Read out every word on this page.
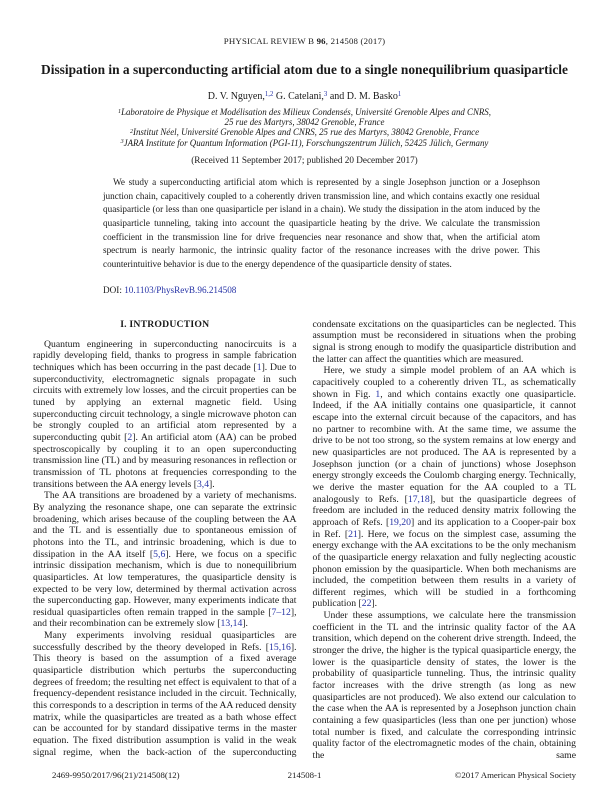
PHYSICAL REVIEW B 96, 214508 (2017)
Dissipation in a superconducting artificial atom due to a single nonequilibrium quasiparticle
D. V. Nguyen,$^{1,2}$ G. Catelani,$^3$ and D. M. Basko$^1$
$^1$Laboratoire de Physique et Modélisation des Milieux Condensés, Université Grenoble Alpes and CNRS,
25 rue des Martyrs, 38042 Grenoble, France
$^2$Institut Néel, Université Grenoble Alpes and CNRS, 25 rue des Martyrs, 38042 Grenoble, France
$^3$JARA Institute for Quantum Information (PGI-11), Forschungszentrum Jülich, 52425 Jülich, Germany
(Received 11 September 2017; published 20 December 2017)
We study a superconducting artificial atom which is represented by a single Josephson junction or a Josephson junction chain, capacitively coupled to a coherently driven transmission line, and which contains exactly one residual quasiparticle (or less than one quasiparticle per island in a chain). We study the dissipation in the atom induced by the quasiparticle tunneling, taking into account the quasiparticle heating by the drive. We calculate the transmission coefficient in the transmission line for drive frequencies near resonance and show that, when the artificial atom spectrum is nearly harmonic, the intrinsic quality factor of the resonance increases with the drive power. This counterintuitive behavior is due to the energy dependence of the quasiparticle density of states.
DOI: 10.1103/PhysRevB.96.214508
I. INTRODUCTION

Quantum engineering in superconducting nanocircuits is a rapidly developing field, thanks to progress in sample fabrication techniques which has been occurring in the past decade [1]. Due to superconductivity, electromagnetic signals propagate in such circuits with extremely low losses, and the circuit properties can be tuned by applying an external magnetic field. Using superconducting circuit technology, a single microwave photon can be strongly coupled to an artificial atom represented by a superconducting qubit [2]. An artificial atom (AA) can be probed spectroscopically by coupling it to an open superconducting transmission line (TL) and by measuring resonances in reflection or transmission of TL photons at frequencies corresponding to the transitions between the AA energy levels [3,4].

The AA transitions are broadened by a variety of mechanisms. By analyzing the resonance shape, one can separate the extrinsic broadening, which arises because of the coupling between the AA and the TL and is essentially due to spontaneous emission of photons into the TL, and intrinsic broadening, which is due to dissipation in the AA itself [5,6]. Here, we focus on a specific intrinsic dissipation mechanism, which is due to nonequilibrium quasiparticles. At low temperatures, the quasiparticle density is expected to be very low, determined by thermal activation across the superconducting gap. However, many experiments indicate that residual quasiparticles often remain trapped in the sample [7–12], and their recombination can be extremely slow [13,14].

Many experiments involving residual quasiparticles are successfully described by the theory developed in Refs. [15,16]. This theory is based on the assumption of a fixed average quasiparticle distribution which perturbs the superconducting degrees of freedom; the resulting net effect is equivalent to that of a frequency-dependent resistance included in the circuit. Technically, this corresponds to a description in terms of the AA reduced density matrix, while the quasiparticles are treated as a bath whose effect can be accounted for by standard dissipative terms in the master equation. The fixed distribution assumption is valid in the weak signal regime, when the back-action of the superconducting

condensate excitations on the quasiparticles can be neglected. This assumption must be reconsidered in situations when the probing signal is strong enough to modify the quasiparticle distribution and the latter can affect the quantities which are measured.

Here, we study a simple model problem of an AA which is capacitively coupled to a coherently driven TL, as schematically shown in Fig. 1, and which contains exactly one quasiparticle. Indeed, if the AA initially contains one quasiparticle, it cannot escape into the external circuit because of the capacitors, and has no partner to recombine with. At the same time, we assume the drive to be not too strong, so the system remains at low energy and new quasiparticles are not produced. The AA is represented by a Josephson junction (or a chain of junctions) whose Josephson energy strongly exceeds the Coulomb charging energy. Technically, we derive the master equation for the AA coupled to a TL analogously to Refs. [17,18], but the quasiparticle degrees of freedom are included in the reduced density matrix following the approach of Refs. [19,20] and its application to a Cooper-pair box in Ref. [21]. Here, we focus on the simplest case, assuming the energy exchange with the AA excitations to be the only mechanism of the quasiparticle energy relaxation and fully neglecting acoustic phonon emission by the quasiparticle. When both mechanisms are included, the competition between them results in a variety of different regimes, which will be studied in a forthcoming publication [22].

Under these assumptions, we calculate here the transmission coefficient in the TL and the intrinsic quality factor of the AA transition, which depend on the coherent drive strength. Indeed, the stronger the drive, the higher is the typical quasiparticle energy, the lower is the quasiparticle density of states, the lower is the probability of quasiparticle tunneling. Thus, the intrinsic quality factor increases with the drive strength (as long as new quasiparticles are not produced). We also extend our calculation to the case when the AA is represented by a Josephson junction chain containing a few quasiparticles (less than one per junction) whose total number is fixed, and calculate the corresponding intrinsic quality factor of the electromagnetic modes of the chain, obtaining the same

2469-9950/2017/96(21)/214508(12)	214508-1	©2017 American Physical Society
